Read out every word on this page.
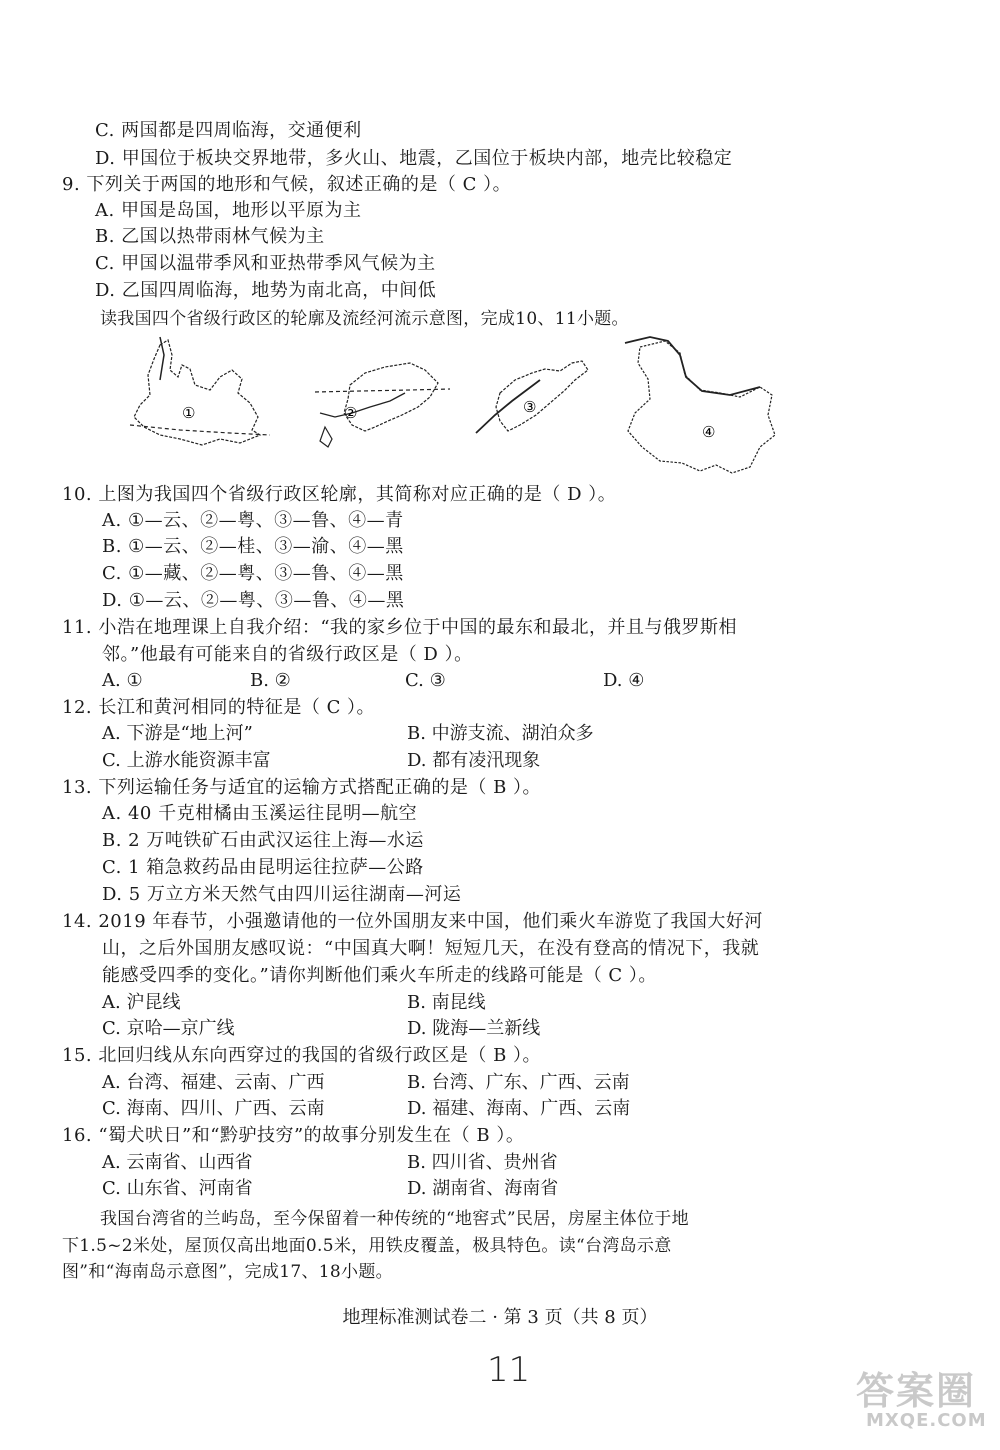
C. 两国都是四周临海，交通便利
D. 甲国位于板块交界地带，多火山、地震，乙国位于板块内部，地壳比较稳定
9. 下列关于两国的地形和气候，叙述正确的是（ C ）。
A. 甲国是岛国，地形以平原为主
B. 乙国以热带雨林气候为主
C. 甲国以温带季风和亚热带季风气候为主
D. 乙国四周临海，地势为南北高，中间低
读我国四个省级行政区的轮廓及流经河流示意图，完成10、11小题。
①	②	③
④
10. 上图为我国四个省级行政区轮廓，其简称对应正确的是（ D ）。
A. ①—云、②—粤、③—鲁、④—青
B. ①—云、②—桂、③—渝、④—黑
C. ①—藏、②—粤、③—鲁、④—黑
D. ①—云、②—粤、③—鲁、④—黑
11. 小浩在地理课上自我介绍：“我的家乡位于中国的最东和最北，并且与俄罗斯相
邻。”他最有可能来自的省级行政区是（ D ）。
A. ①	B. ②	C. ③	D. ④
12. 长江和黄河相同的特征是（ C ）。
A. 下游是“地上河”	B. 中游支流、湖泊众多
C. 上游水能资源丰富	D. 都有凌汛现象
13. 下列运输任务与适宜的运输方式搭配正确的是（ B ）。
A. 40 千克柑橘由玉溪运往昆明—航空
B. 2 万吨铁矿石由武汉运往上海—水运
C. 1 箱急救药品由昆明运往拉萨—公路
D. 5 万立方米天然气由四川运往湖南—河运
14. 2019 年春节，小强邀请他的一位外国朋友来中国，他们乘火车游览了我国大好河
山，之后外国朋友感叹说：“中国真大啊！短短几天，在没有登高的情况下，我就
能感受四季的变化。”请你判断他们乘火车所走的线路可能是（ C ）。
A. 沪昆线	B. 南昆线
C. 京哈—京广线	D. 陇海—兰新线
15. 北回归线从东向西穿过的我国的省级行政区是（ B ）。
A. 台湾、福建、云南、广西	B. 台湾、广东、广西、云南
C. 海南、四川、广西、云南	D. 福建、海南、广西、云南
16. “蜀犬吠日”和“黔驴技穷”的故事分别发生在（ B ）。
A. 云南省、山西省	B. 四川省、贵州省
C. 山东省、河南省	D. 湖南省、海南省
我国台湾省的兰屿岛，至今保留着一种传统的“地窖式”民居，房屋主体位于地
下1.5~2米处，屋顶仅高出地面0.5米，用铁皮覆盖，极具特色。读“台湾岛示意
图”和“海南岛示意图”，完成17、18小题。
地理标准测试卷二 · 第 3 页（共 8 页）
11	答案圈
MXQE.COM
